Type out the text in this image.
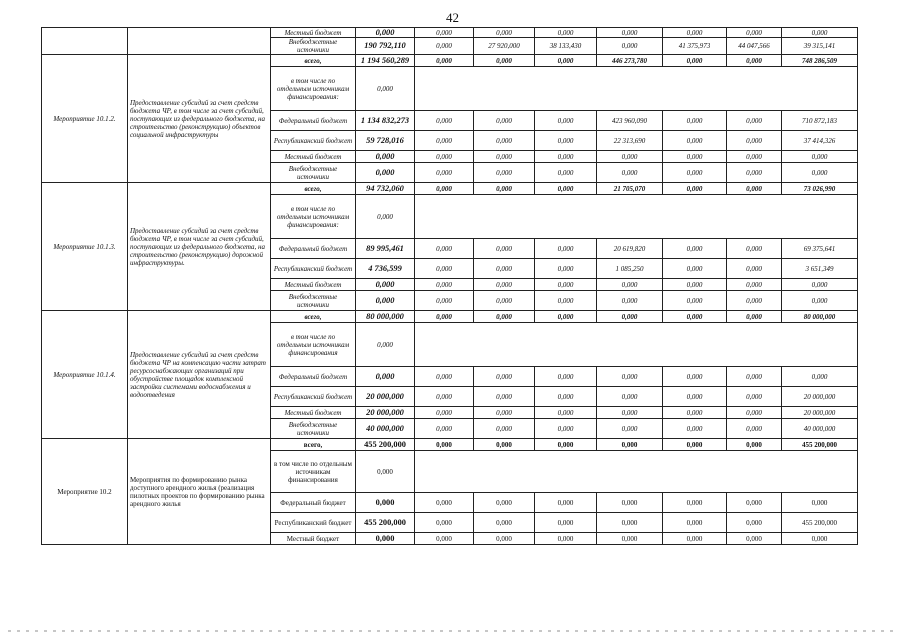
42
		Местный бюджет	0,000	0,000	0,000	0,000	0,000	0,000	0,000	0,000
		Внебюджетные источники	190 792,110	0,000	27 920,000	38 133,430	0,000	41 375,973	44 047,566	39 315,141
Мероприятие 10.1.2.	Предоставление субсидий за счет средств бюджета ЧР, в том числе за счет субсидий, поступающих из федерального бюджета, на строительство (реконструкцию) объектов социальной инфраструктуры	всего,	1 194 560,289	0,000	0,000	0,000	446 273,780	0,000	0,000	748 286,509
		в том числе по отдельным источникам финансирования:	0,000							
		Федеральный бюджет	1 134 832,273	0,000	0,000	0,000	423 960,090	0,000	0,000	710 872,183
		Республиканский бюджет	59 728,016	0,000	0,000	0,000	22 313,690	0,000	0,000	37 414,326
		Местный бюджет	0,000	0,000	0,000	0,000	0,000	0,000	0,000	0,000
		Внебюджетные источники	0,000	0,000	0,000	0,000	0,000	0,000	0,000	0,000
Мероприятие 10.1.3.	Предоставление субсидий за счет средств бюджета ЧР, в том числе за счет субсидий, поступающих из федерального бюджета, на строительство (реконструкцию) дорожной инфраструктуры.	всего,	94 732,060	0,000	0,000	0,000	21 705,070	0,000	0,000	73 026,990
		в том числе по отдельным источникам финансирования:	0,000							
		Федеральный бюджет	89 995,461	0,000	0,000	0,000	20 619,820	0,000	0,000	69 375,641
		Республиканский бюджет	4 736,599	0,000	0,000	0,000	1 085,250	0,000	0,000	3 651,349
		Местный бюджет	0,000	0,000	0,000	0,000	0,000	0,000	0,000	0,000
		Внебюджетные источники	0,000	0,000	0,000	0,000	0,000	0,000	0,000	0,000
Мероприятие 10.1.4.	Предоставление субсидий за счет средств бюджета ЧР на компенсацию части затрат ресурсоснабжающих организаций при обустройстве площадок комплексной застройки системами водоснабжения и водоотведения	всего,	80 000,000	0,000	0,000	0,000	0,000	0,000	0,000	80 000,000
		в том числе по отдельным источникам финансирования	0,000							
		Федеральный бюджет	0,000	0,000	0,000	0,000	0,000	0,000	0,000	0,000
		Республиканский бюджет	20 000,000	0,000	0,000	0,000	0,000	0,000	0,000	20 000,000
		Местный бюджет	20 000,000	0,000	0,000	0,000	0,000	0,000	0,000	20 000,000
		Внебюджетные источники	40 000,000	0,000	0,000	0,000	0,000	0,000	0,000	40 000,000
Мероприятие 10.2	Мероприятия по формированию рынка доступного арендного жилья (реализация пилотных проектов по формированию рынка арендного жилья	всего,	455 200,000	0,000	0,000	0,000	0,000	0,000	0,000	455 200,000
		в том числе по отдельным источникам финансирования	0,000							
		Федеральный бюджет	0,000	0,000	0,000	0,000	0,000	0,000	0,000	0,000
		Республиканский бюджет	455 200,000	0,000	0,000	0,000	0,000	0,000	0,000	455 200,000
		Местный бюджет	0,000	0,000	0,000	0,000	0,000	0,000	0,000	0,000
